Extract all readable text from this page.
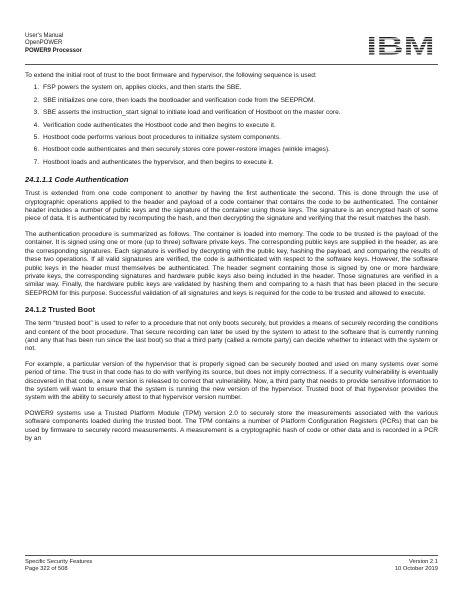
User's Manual
OpenPOWER
POWER9 Processor

To extend the initial root of trust to the boot firmware and hypervisor, the following sequence is used:

1. FSP powers the system on, applies clocks, and then starts the SBE.
2. SBE initializes one core, then loads the bootloader and verification code from the SEEPROM.
3. SBE asserts the instruction_start signal to initiate load and verification of Hostboot on the master core.
4. Verification code authenticates the Hostboot code and then begins to execute it.
5. Hostboot code performs various boot procedures to initialize system components.
6. Hostboot code authenticates and then securely stores core power-restore images (winkle images).
7. Hostboot loads and authenticates the hypervisor, and then begins to execute it.
24.1.1.1 Code Authentication

Trust is extended from one code component to another by having the first authenticate the second. This is done through the use of cryptographic operations applied to the header and payload of a code container that contains the code to be authenticated. The container header includes a number of public keys and the signature of the container using those keys. The signature is an encrypted hash of some piece of data. It is authenticated by recomputing the hash, and then decrypting the signature and verifying that the result matches the hash.

The authentication procedure is summarized as follows. The container is loaded into memory. The code to be trusted is the payload of the container. It is signed using one or more (up to three) software private keys. The corresponding public keys are supplied in the header, as are the corresponding signatures. Each signature is verified by decrypting with the public key, hashing the payload, and comparing the results of these two operations. If all valid signatures are verified, the code is authenticated with respect to the software keys. However, the software public keys in the header must themselves be authenticated. The header segment containing those is signed by one or more hardware private keys, the corresponding signatures and hardware public keys also being included in the header. Those signatures are verified in a similar way. Finally, the hardware public keys are validated by hashing them and comparing to a hash that has been placed in the secure SEEPROM for this purpose. Successful validation of all signatures and keys is required for the code to be trusted and allowed to execute.

24.1.2 Trusted Boot

The term “trusted boot” is used to refer to a procedure that not only boots securely, but provides a means of securely recording the conditions and content of the boot procedure. That secure recording can later be used by the system to attest to the software that is currently running (and any that has been run since the last boot) so that a third party (called a remote party) can decide whether to interact with the system or not.

For example, a particular version of the hypervisor that is properly signed can be securely booted and used on many systems over some period of time. The trust in that code has to do with verifying its source, but does not imply correctness. If a security vulnerability is eventually discovered in that code, a new version is released to correct that vulnerability. Now, a third party that needs to provide sensitive information to the system will want to ensure that the system is running the new version of the hypervisor. Trusted boot of that hypervisor provides the system with the ability to securely attest to that hypervisor version number.

POWER9 systems use a Trusted Platform Module (TPM) version 2.0 to securely store the measurements associated with the various software components loaded during the trusted boot. The TPM contains a number of Platform Configuration Registers (PCRs) that can be used by firmware to securely record measurements. A measurement is a cryptographic hash of code or other data and is recorded in a PCR by an

Specific Security Features	Version 2.1
Page 322 of 508	10 October 2019
